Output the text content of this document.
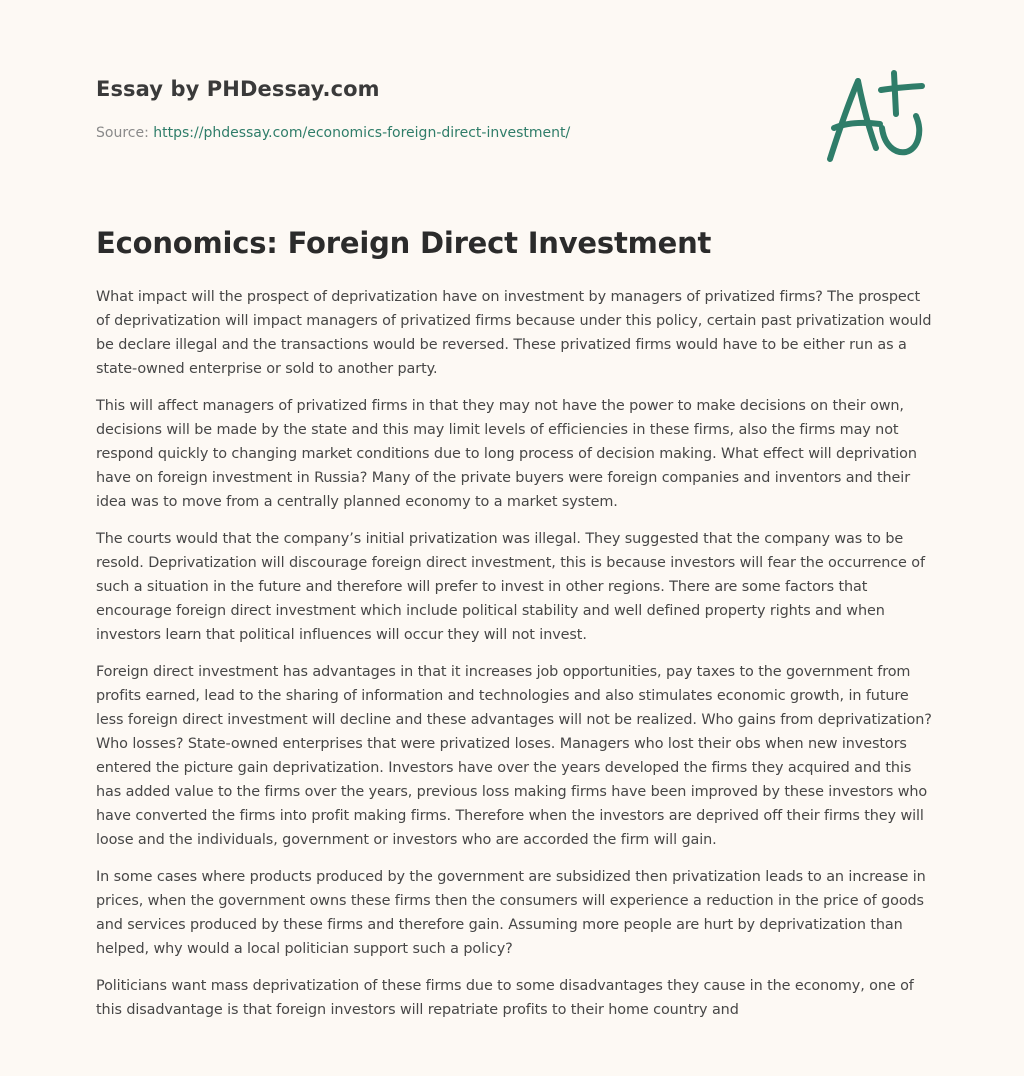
Essay by PHDessay.com
Source: https://phdessay.com/economics-foreign-direct-investment/
Economics: Foreign Direct Investment

What impact will the prospect of deprivatization have on investment by managers of privatized firms? The prospect of deprivatization will impact managers of privatized firms because under this policy, certain past privatization would be declare illegal and the transactions would be reversed. These privatized firms would have to be either run as a state-owned enterprise or sold to another party.

This will affect managers of privatized firms in that they may not have the power to make decisions on their own, decisions will be made by the state and this may limit levels of efficiencies in these firms, also the firms may not respond quickly to changing market conditions due to long process of decision making. What effect will deprivation have on foreign investment in Russia? Many of the private buyers were foreign companies and inventors and their idea was to move from a centrally planned economy to a market system.

The courts would that the company’s initial privatization was illegal. They suggested that the company was to be resold. Deprivatization will discourage foreign direct investment, this is because investors will fear the occurrence of such a situation in the future and therefore will prefer to invest in other regions. There are some factors that encourage foreign direct investment which include political stability and well defined property rights and when investors learn that political influences will occur they will not invest.

Foreign direct investment has advantages in that it increases job opportunities, pay taxes to the government from profits earned, lead to the sharing of information and technologies and also stimulates economic growth, in future less foreign direct investment will decline and these advantages will not be realized. Who gains from deprivatization? Who losses? State-owned enterprises that were privatized loses. Managers who lost their obs when new investors entered the picture gain deprivatization. Investors have over the years developed the firms they acquired and this has added value to the firms over the years, previous loss making firms have been improved by these investors who have converted the firms into profit making firms. Therefore when the investors are deprived off their firms they will loose and the individuals, government or investors who are accorded the firm will gain.

In some cases where products produced by the government are subsidized then privatization leads to an increase in prices, when the government owns these firms then the consumers will experience a reduction in the price of goods and services produced by these firms and therefore gain. Assuming more people are hurt by deprivatization than helped, why would a local politician support such a policy?

Politicians want mass deprivatization of these firms due to some disadvantages they cause in the economy, one of this disadvantage is that foreign investors will repatriate profits to their home country and
